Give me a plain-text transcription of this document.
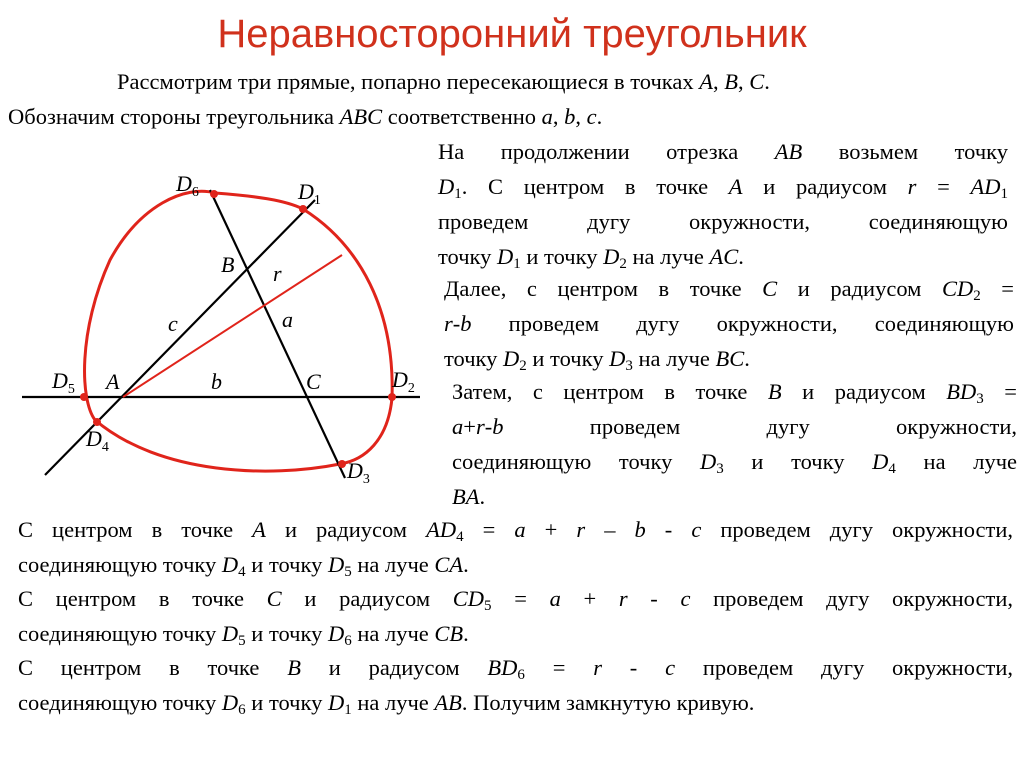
Неравносторонний треугольник
Рассмотрим три прямые, попарно пересекающиеся в точках A, B, C.
Обозначим стороны треугольника ABC соответственно a, b, c.
На продолжении отрезка AB возьмем точку
$D_1$. С центром в точке A и радиусом $r = AD_1$
проведем дугу окружности, соединяющую
точку $D_1$ и точку $D_2$ на луче AC.
Далее, с центром в точке C и радиусом $CD_2$ =
r-b проведем дугу окружности, соединяющую
точку $D_2$ и точку $D_3$ на луче BC.
Затем, с центром в точке B и радиусом $BD_3$ =
a+r-b проведем дугу окружности,
соединяющую точку $D_3$ и точку $D_4$ на луче
BA.
С центром в точке A и радиусом $AD_4 = a + r - b - c$ проведем дугу окружности,
соединяющую точку $D_4$ и точку $D_5$ на луче CA.
С центром в точке C и радиусом $CD_5 = a + r - c$ проведем дугу окружности,
соединяющую точку $D_5$ и точку $D_6$ на луче CB.
С центром в точке B и радиусом $BD_6 = r - c$ проведем дугу окружности,
соединяющую точку $D_6$ и точку $D_1$ на луче AB. Получим замкнутую кривую.
$D_6$	$D_1$
$D_2$
$D_3$
$D_4$
$D_5$ A
B
C
c
b
a
r
